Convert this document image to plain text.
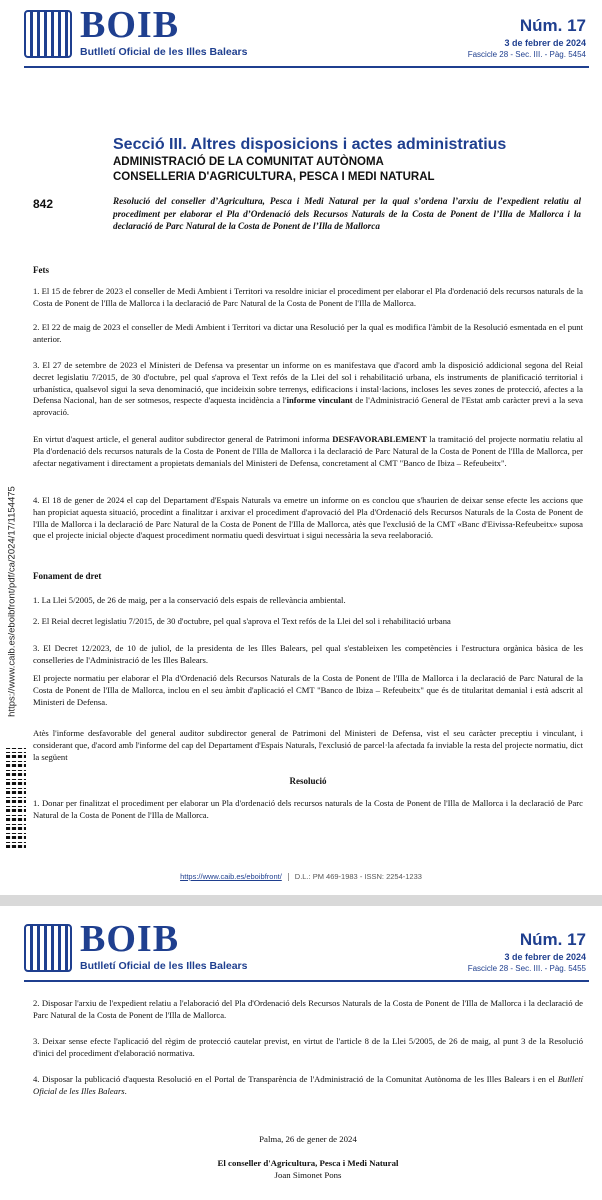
BOIB
Butlletí Oficial de les Illes Balears
Núm. 17
3 de febrer de 2024
Fascicle 28 - Sec. III. - Pàg. 5454
https://www.caib.es/eboibfront/pdf/ca/2024/17/1154475
Secció III. Altres disposicions i actes administratius
ADMINISTRACIÓ DE LA COMUNITAT AUTÒNOMA
CONSELLERIA D'AGRICULTURA, PESCA I MEDI NATURAL
842	Resolució del conseller d’Agricultura, Pesca i Medi Natural per la qual s’ordena l’arxiu de l’expedient relatiu al procediment per elaborar el Pla d’Ordenació dels Recursos Naturals de la Costa de Ponent de l’Illa de Mallorca i la declaració de Parc Natural de la Costa de Ponent de l’Illa de Mallorca
Fets
1. El 15 de febrer de 2023 el conseller de Medi Ambient i Territori va resoldre iniciar el procediment per elaborar el Pla d'ordenació dels recursos naturals de la Costa de Ponent de l'Illa de Mallorca i la declaració de Parc Natural de la Costa de Ponent de l'Illa de Mallorca.
2. El 22 de maig de 2023 el conseller de Medi Ambient i Territori va dictar una Resolució per la qual es modifica l'àmbit de la Resolució esmentada en el punt anterior.
3. El 27 de setembre de 2023 el Ministeri de Defensa va presentar un informe on es manifestava que d'acord amb la disposició addicional segona del Reial decret legislatiu 7/2015, de 30 d'octubre, pel qual s'aprova el Text refós de la Llei del sol i rehabilitació urbana, els instruments de planificació territorial i urbanística, qualsevol sigui la seva denominació, que incideixin sobre terrenys, edificacions i instal·lacions, incloses les seves zones de protecció, afectes a la Defensa Nacional, han de ser sotmesos, respecte d'aquesta incidència a l'informe vinculant de l'Administració General de l'Estat amb caràcter previ a la seva aprovació.
En virtut d'aquest article, el general auditor subdirector general de Patrimoni informa DESFAVORABLEMENT la tramitació del projecte normatiu relatiu al Pla d'ordenació dels recursos naturals de la Costa de Ponent de l'Illa de Mallorca i la declaració de Parc Natural de la Costa de Ponent de l'Illa de Mallorca, per afectar negativament i directament a propietats demanials del Ministeri de Defensa, concretament al CMT "Banco de Ibiza – Refeubeitx".
4. El 18 de gener de 2024 el cap del Departament d'Espais Naturals va emetre un informe on es conclou que s'haurien de deixar sense efecte les accions que han propiciat aquesta situació, procedint a finalitzar i arxivar el procediment d'aprovació del Pla d'Ordenació dels Recursos Naturals de la Costa de Ponent de l'Illa de Mallorca i la declaració de Parc Natural de la Costa de Ponent de l'Illa de Mallorca, atès que l'exclusió de la CMT «Banc d'Eivissa-Refeubeitx» suposa que el projecte inicial objecte d'aquest procediment normatiu quedi desvirtuat i sigui necessària la seva reelaboració.
Fonament de dret
1. La Llei 5/2005, de 26 de maig, per a la conservació dels espais de rellevància ambiental.
2. El Reial decret legislatiu 7/2015, de 30 d'octubre, pel qual s'aprova el Text refós de la Llei del sol i rehabilitació urbana
3. El Decret 12/2023, de 10 de juliol, de la presidenta de les Illes Balears, pel qual s'estableixen les competències i l'estructura orgànica bàsica de les conselleries de l'Administració de les Illes Balears.
El projecte normatiu per elaborar el Pla d'Ordenació dels Recursos Naturals de la Costa de Ponent de l'Illa de Mallorca i la declaració de Parc Natural de la Costa de Ponent de l'Illa de Mallorca, inclou en el seu àmbit d'aplicació el CMT "Banco de Ibiza – Refeubeitx" que és de titularitat demanial i està adscrit al Ministeri de Defensa.
Atès l'informe desfavorable del general auditor subdirector general de Patrimoni del Ministeri de Defensa, vist el seu caràcter preceptiu i vinculant, i considerant que, d'acord amb l'informe del cap del Departament d'Espais Naturals, l'exclusió de parcel·la afectada fa inviable la resta del projecte normatiu, dict la següent
Resolució
1. Donar per finalitzat el procediment per elaborar un Pla d'ordenació dels recursos naturals de la Costa de Ponent de l'Illa de Mallorca i la declaració de Parc Natural de la Costa de Ponent de l'Illa de Mallorca.
https://www.caib.es/eboibfront/ D.L.: PM 469-1983 - ISSN: 2254-1233
BOIB
Butlletí Oficial de les Illes Balears
Núm. 17
3 de febrer de 2024
Fascicle 28 - Sec. III. - Pàg. 5455
2. Disposar l'arxiu de l'expedient relatiu a l'elaboració del Pla d'Ordenació dels Recursos Naturals de la Costa de Ponent de l'Illa de Mallorca i la declaració de Parc Natural de la Costa de Ponent de l'Illa de Mallorca.
3. Deixar sense efecte l'aplicació del règim de protecció cautelar previst, en virtut de l'article 8 de la Llei 5/2005, de 26 de maig, al punt 3 de la Resolució d'inici del procediment d'elaboració normativa.
4. Disposar la publicació d'aquesta Resolució en el Portal de Transparència de l'Administració de la Comunitat Autònoma de les Illes Balears i en el Butlletí Oficial de les Illes Balears.
Palma, 26 de gener de 2024
El conseller d'Agricultura, Pesca i Medi Natural
Joan Simonet Pons
